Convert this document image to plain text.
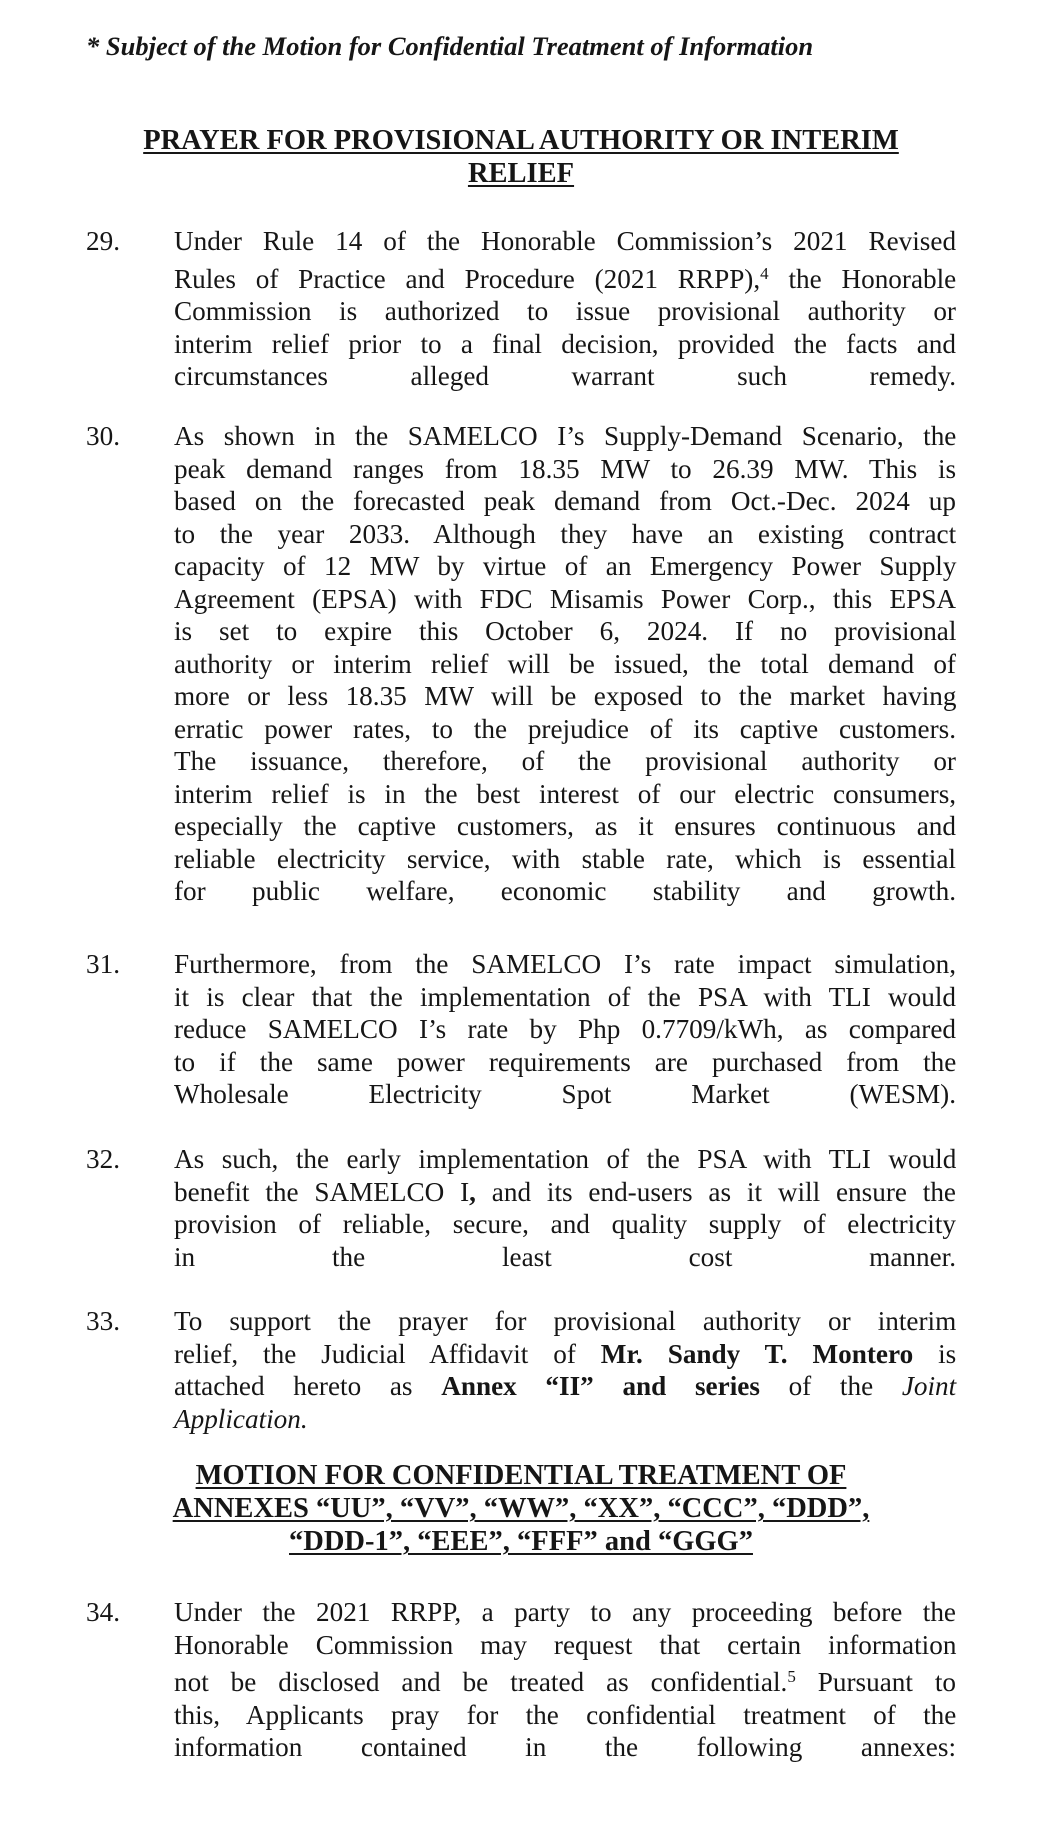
* Subject of the Motion for Confidential Treatment of Information
PRAYER FOR PROVISIONAL AUTHORITY OR INTERIM
RELIEF
29. Under Rule 14 of the Honorable Commission’s 2021 Revised
Rules of Practice and Procedure (2021 RRPP),$^4$ the Honorable
Commission is authorized to issue provisional authority or
interim relief prior to a final decision, provided the facts and
circumstances alleged warrant such remedy.
30. As shown in the SAMELCO I’s Supply-Demand Scenario, the
peak demand ranges from 18.35 MW to 26.39 MW. This is
based on the forecasted peak demand from Oct.-Dec. 2024 up
to the year 2033. Although they have an existing contract
capacity of 12 MW by virtue of an Emergency Power Supply
Agreement (EPSA) with FDC Misamis Power Corp., this EPSA
is set to expire this October 6, 2024. If no provisional
authority or interim relief will be issued, the total demand of
more or less 18.35 MW will be exposed to the market having
erratic power rates, to the prejudice of its captive customers.
The issuance, therefore, of the provisional authority or
interim relief is in the best interest of our electric consumers,
especially the captive customers, as it ensures continuous and
reliable electricity service, with stable rate, which is essential
for public welfare, economic stability and growth.
31. Furthermore, from the SAMELCO I’s rate impact simulation,
it is clear that the implementation of the PSA with TLI would
reduce SAMELCO I’s rate by Php 0.7709/kWh, as compared
to if the same power requirements are purchased from the
Wholesale Electricity Spot Market (WESM).
32. As such, the early implementation of the PSA with TLI would
benefit the SAMELCO I, and its end-users as it will ensure the
provision of reliable, secure, and quality supply of electricity
in the least cost manner.
33. To support the prayer for provisional authority or interim
relief, the Judicial Affidavit of Mr. Sandy T. Montero is
attached hereto as Annex “II” and series of the Joint
Application.
MOTION FOR CONFIDENTIAL TREATMENT OF
ANNEXES “UU”, “VV”, “WW”, “XX”, “CCC”, “DDD”,
“DDD-1”, “EEE”, “FFF” and “GGG”
34. Under the 2021 RRPP, a party to any proceeding before the
Honorable Commission may request that certain information
not be disclosed and be treated as confidential.$^5$ Pursuant to
this, Applicants pray for the confidential treatment of the
information contained in the following annexes:
